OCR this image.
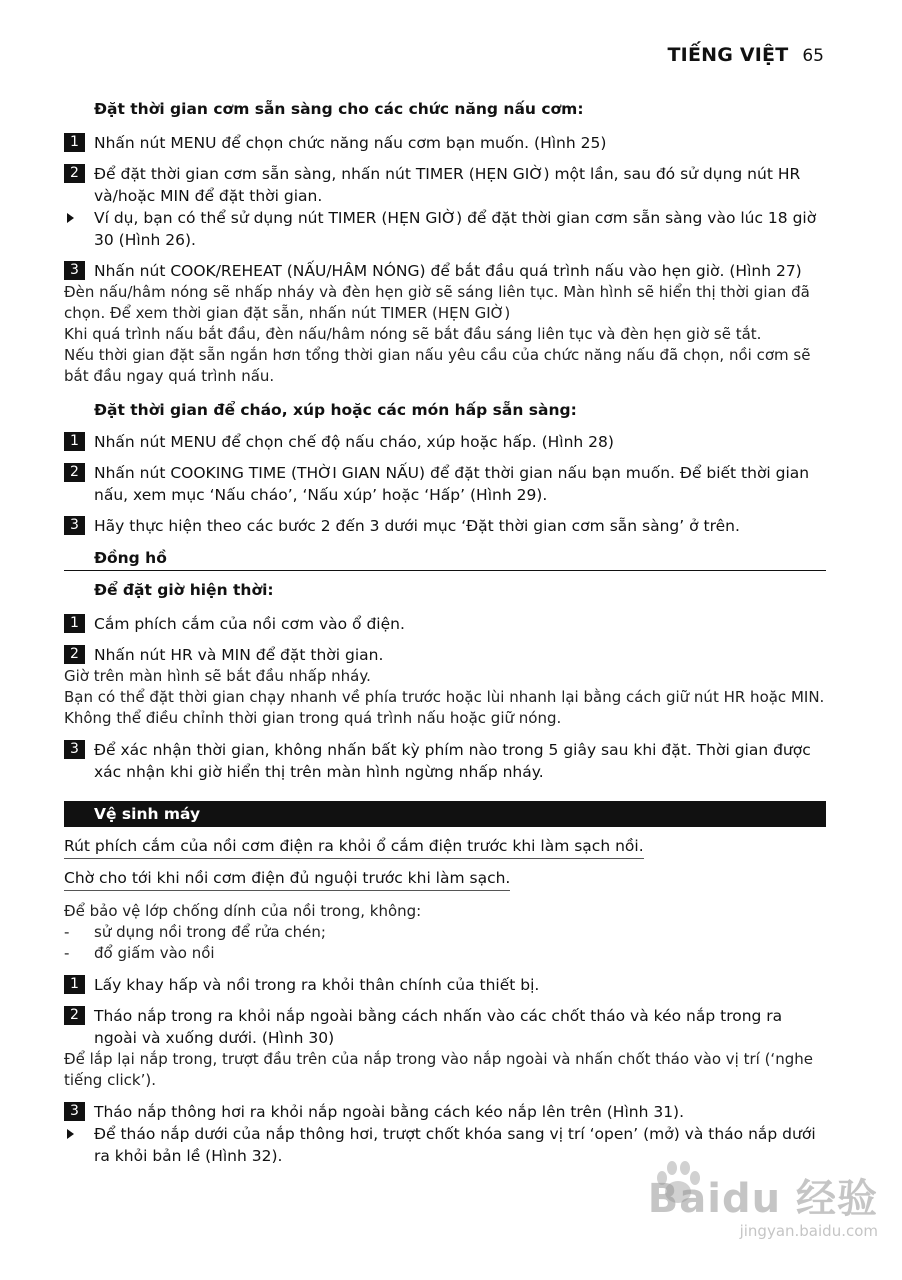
TIẾNG VIỆT 65
Đặt thời gian cơm sẵn sàng cho các chức năng nấu cơm:
1 Nhấn nút MENU để chọn chức năng nấu cơm bạn muốn. (Hình 25)
2 Để đặt thời gian cơm sẵn sàng, nhấn nút TIMER (HẸN GIỜ) một lần, sau đó sử dụng nút HR và/hoặc MIN để đặt thời gian.
Ví dụ, bạn có thể sử dụng nút TIMER (HẸN GIỜ) để đặt thời gian cơm sẵn sàng vào lúc 18 giờ 30 (Hình 26).
3 Nhấn nút COOK/REHEAT (NẤU/HÂM NÓNG) để bắt đầu quá trình nấu vào hẹn giờ. (Hình 27)
Đèn nấu/hâm nóng sẽ nhấp nháy và đèn hẹn giờ sẽ sáng liên tục. Màn hình sẽ hiển thị thời gian đã chọn. Để xem thời gian đặt sẵn, nhấn nút TIMER (HẸN GIỜ)
Khi quá trình nấu bắt đầu, đèn nấu/hâm nóng sẽ bắt đầu sáng liên tục và đèn hẹn giờ sẽ tắt.
Nếu thời gian đặt sẵn ngắn hơn tổng thời gian nấu yêu cầu của chức năng nấu đã chọn, nồi cơm sẽ bắt đầu ngay quá trình nấu.
Đặt thời gian để cháo, xúp hoặc các món hấp sẵn sàng:
1 Nhấn nút MENU để chọn chế độ nấu cháo, xúp hoặc hấp. (Hình 28)
2 Nhấn nút COOKING TIME (THỜI GIAN NẤU) để đặt thời gian nấu bạn muốn. Để biết thời gian nấu, xem mục ‘Nấu cháo’, ‘Nấu xúp’ hoặc ‘Hấp’ (Hình 29).
3 Hãy thực hiện theo các bước 2 đến 3 dưới mục ‘Đặt thời gian cơm sẵn sàng’ ở trên.
Đồng hồ
Để đặt giờ hiện thời:
1 Cắm phích cắm của nồi cơm vào ổ điện.
2 Nhấn nút HR và MIN để đặt thời gian.
Giờ trên màn hình sẽ bắt đầu nhấp nháy.
Bạn có thể đặt thời gian chạy nhanh về phía trước hoặc lùi nhanh lại bằng cách giữ nút HR hoặc MIN.
Không thể điều chỉnh thời gian trong quá trình nấu hoặc giữ nóng.
3 Để xác nhận thời gian, không nhấn bất kỳ phím nào trong 5 giây sau khi đặt. Thời gian được xác nhận khi giờ hiển thị trên màn hình ngừng nhấp nháy.
Vệ sinh máy
Rút phích cắm của nồi cơm điện ra khỏi ổ cắm điện trước khi làm sạch nồi.
Chờ cho tới khi nồi cơm điện đủ nguội trước khi làm sạch.
Để bảo vệ lớp chống dính của nồi trong, không:
- sử dụng nồi trong để rửa chén;
- đổ giấm vào nồi
1 Lấy khay hấp và nồi trong ra khỏi thân chính của thiết bị.
2 Tháo nắp trong ra khỏi nắp ngoài bằng cách nhấn vào các chốt tháo và kéo nắp trong ra ngoài và xuống dưới. (Hình 30)
Để lắp lại nắp trong, trượt đầu trên của nắp trong vào nắp ngoài và nhấn chốt tháo vào vị trí (‘nghe tiếng click’).
3 Tháo nắp thông hơi ra khỏi nắp ngoài bằng cách kéo nắp lên trên (Hình 31).
Để tháo nắp dưới của nắp thông hơi, trượt chốt khóa sang vị trí ‘open’ (mở) và tháo nắp dưới ra khỏi bản lề (Hình 32).
Baidu 经验
jingyan.baidu.com
